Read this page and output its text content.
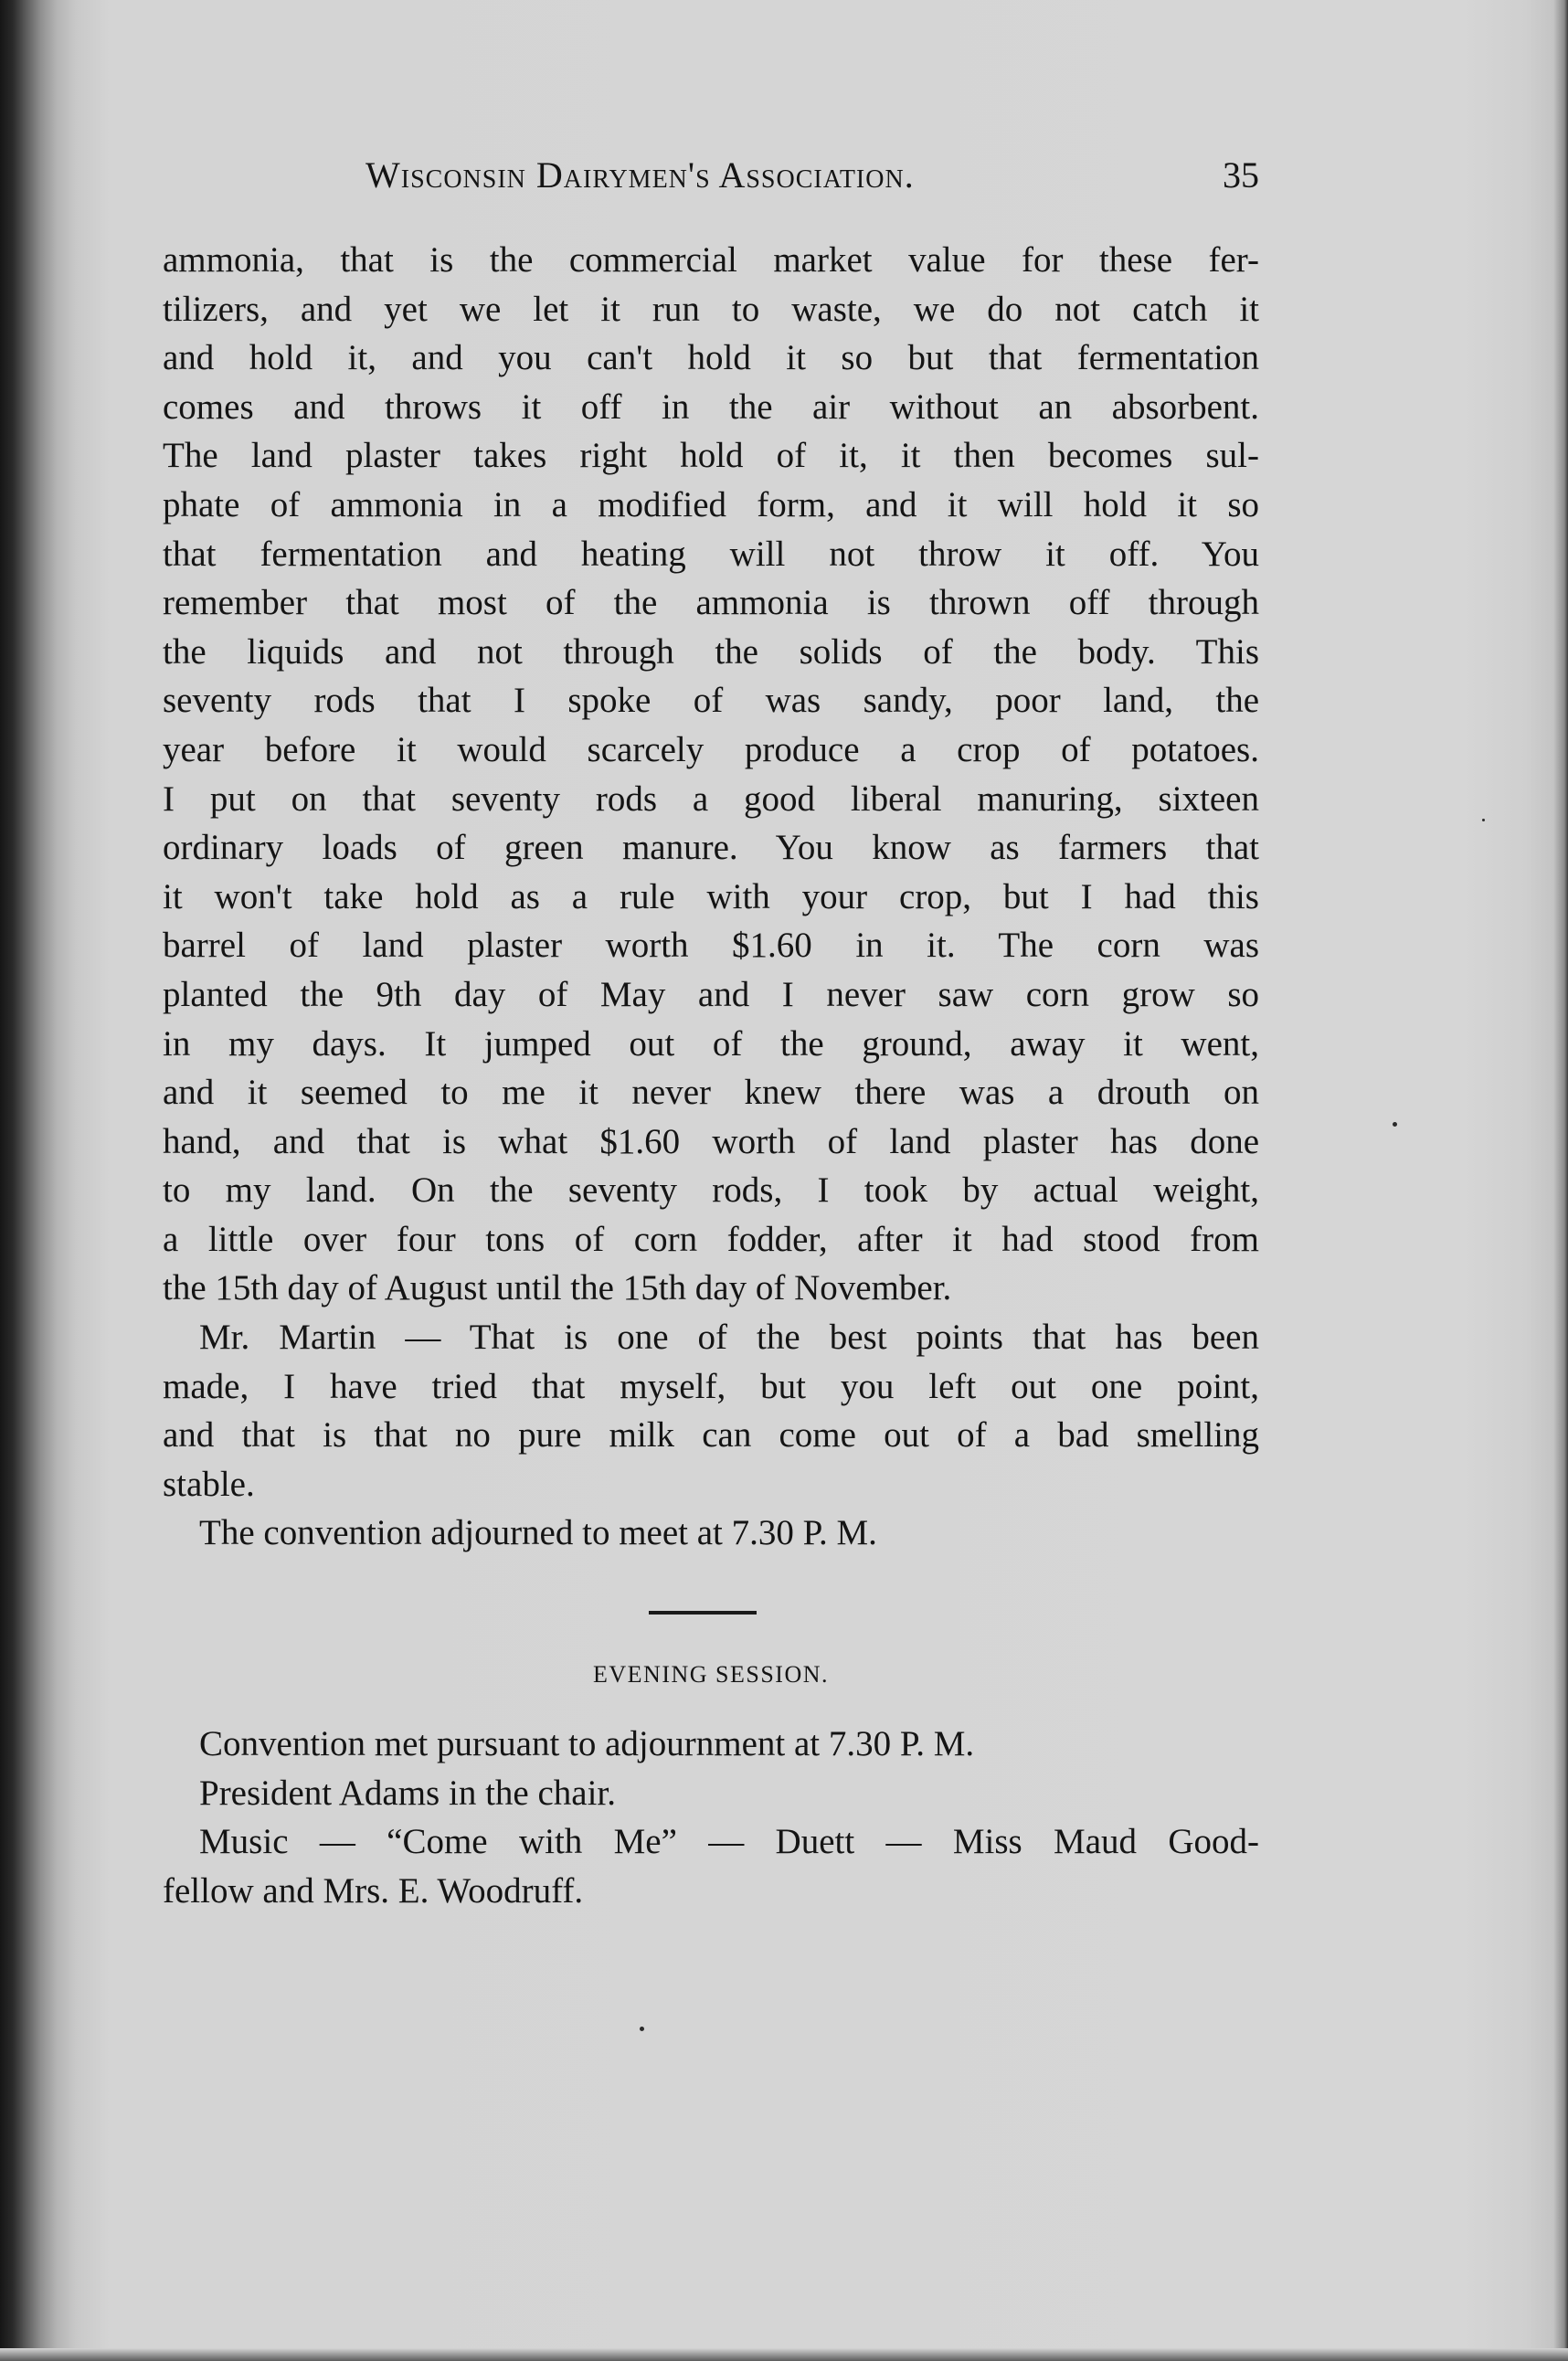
Wisconsin Dairymen's Association.	35
ammonia, that is the commercial market value for these fer-
tilizers, and yet we let it run to waste, we do not catch it
and hold it, and you can't hold it so but that fermentation
comes and throws it off in the air without an absorbent.
The land plaster takes right hold of it, it then becomes sul-
phate of ammonia in a modified form, and it will hold it so
that fermentation and heating will not throw it off. You
remember that most of the ammonia is thrown off through
the liquids and not through the solids of the body. This
seventy rods that I spoke of was sandy, poor land, the
year before it would scarcely produce a crop of potatoes.
I put on that seventy rods a good liberal manuring, sixteen
ordinary loads of green manure. You know as farmers that
it won't take hold as a rule with your crop, but I had this
barrel of land plaster worth $1.60 in it. The corn was
planted the 9th day of May and I never saw corn grow so
in my days. It jumped out of the ground, away it went,
and it seemed to me it never knew there was a drouth on
hand, and that is what $1.60 worth of land plaster has done
to my land. On the seventy rods, I took by actual weight,
a little over four tons of corn fodder, after it had stood from
the 15th day of August until the 15th day of November.
Mr. Martin — That is one of the best points that has been
made, I have tried that myself, but you left out one point,
and that is that no pure milk can come out of a bad smelling
stable.
The convention adjourned to meet at 7.30 P. M.
EVENING SESSION.
Convention met pursuant to adjournment at 7.30 P. M.
President Adams in the chair.
Music — “Come with Me” — Duett — Miss Maud Good-
fellow and Mrs. E. Woodruff.
